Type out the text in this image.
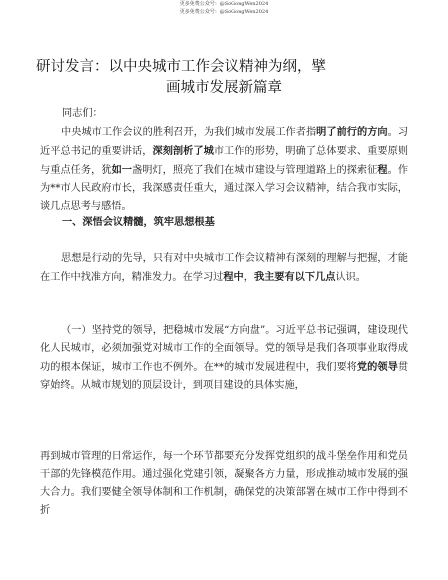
更多免费公众号：@SoGongWen2024
更多免费公众号：@SoGongWen2024
研讨发言：以中央城市工作会议精神为纲，擘
画城市发展新篇章

同志们：

中央城市工作会议的胜利召开，为我们城市发展工作者指明了前行的方向。习近平总书记的重要讲话，深刻剖析了城市工作的形势，明确了总体要求、重要原则与重点任务，犹如一盏明灯，照亮了我们在城市建设与管理道路上的探索征程。作为**市人民政府市长，我深感责任重大，通过深入学习会议精神，结合我市实际，谈几点思考与感悟。

一、深悟会议精髓，筑牢思想根基

思想是行动的先导，只有对中央城市工作会议精神有深刻的理解与把握，才能在工作中找准方向，精准发力。在学习过程中，我主要有以下几点认识。

（一）坚持党的领导，把稳城市发展“方向盘”。习近平总书记强调，建设现代化人民城市，必须加强党对城市工作的全面领导。党的领导是我们各项事业取得成功的根本保证，城市工作也不例外。在**的城市发展进程中，我们要将党的领导贯穿始终。从城市规划的顶层设计，到项目建设的具体实施，

再到城市管理的日常运作，每一个环节都要充分发挥党组织的战斗堡垒作用和党员干部的先锋模范作用。通过强化党建引领，凝聚各方力量，形成推动城市发展的强大合力。我们要健全领导体制和工作机制，确保党的决策部署在城市工作中得到不折
